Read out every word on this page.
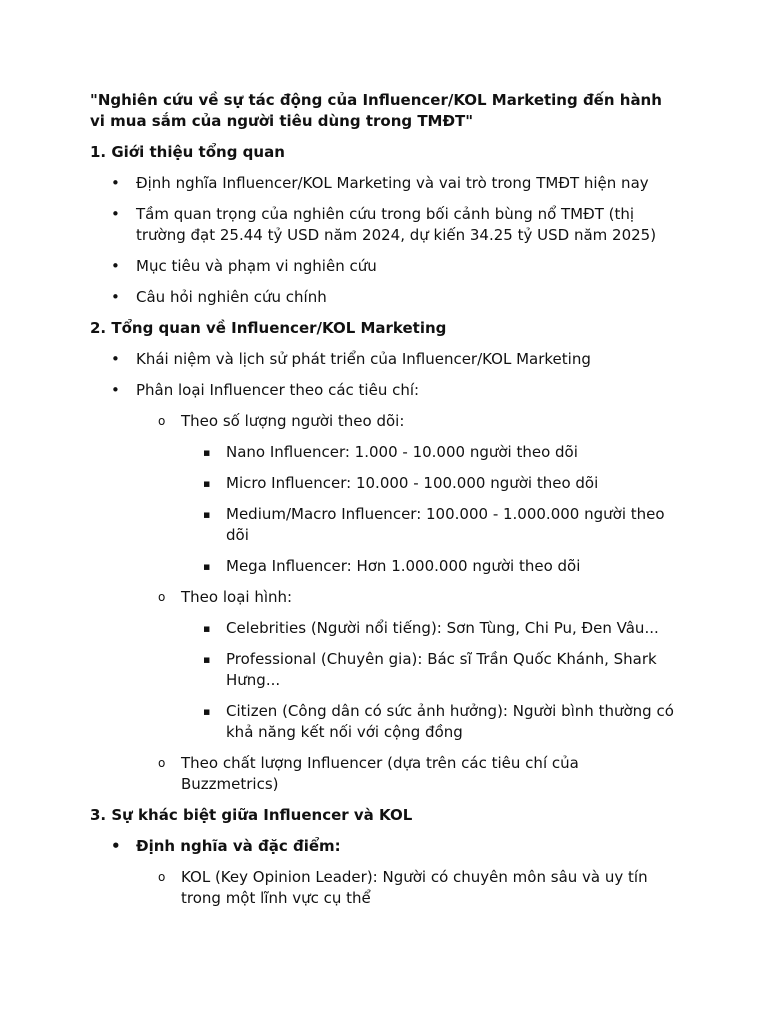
"Nghiên cứu về sự tác động của Influencer/KOL Marketing đến hành vi mua sắm của người tiêu dùng trong TMĐT"
1. Giới thiệu tổng quan
• Định nghĩa Influencer/KOL Marketing và vai trò trong TMĐT hiện nay
• Tầm quan trọng của nghiên cứu trong bối cảnh bùng nổ TMĐT (thị trường đạt 25.44 tỷ USD năm 2024, dự kiến 34.25 tỷ USD năm 2025)
• Mục tiêu và phạm vi nghiên cứu
• Câu hỏi nghiên cứu chính
2. Tổng quan về Influencer/KOL Marketing
• Khái niệm và lịch sử phát triển của Influencer/KOL Marketing
• Phân loại Influencer theo các tiêu chí:
o Theo số lượng người theo dõi:
▪ Nano Influencer: 1.000 - 10.000 người theo dõi
▪ Micro Influencer: 10.000 - 100.000 người theo dõi
▪ Medium/Macro Influencer: 100.000 - 1.000.000 người theo dõi
▪ Mega Influencer: Hơn 1.000.000 người theo dõi
o Theo loại hình:
▪ Celebrities (Người nổi tiếng): Sơn Tùng, Chi Pu, Đen Vâu...
▪ Professional (Chuyên gia): Bác sĩ Trần Quốc Khánh, Shark Hưng...
▪ Citizen (Công dân có sức ảnh hưởng): Người bình thường có khả năng kết nối với cộng đồng
o Theo chất lượng Influencer (dựa trên các tiêu chí của Buzzmetrics)
3. Sự khác biệt giữa Influencer và KOL
• Định nghĩa và đặc điểm:
o KOL (Key Opinion Leader): Người có chuyên môn sâu và uy tín trong một lĩnh vực cụ thể
